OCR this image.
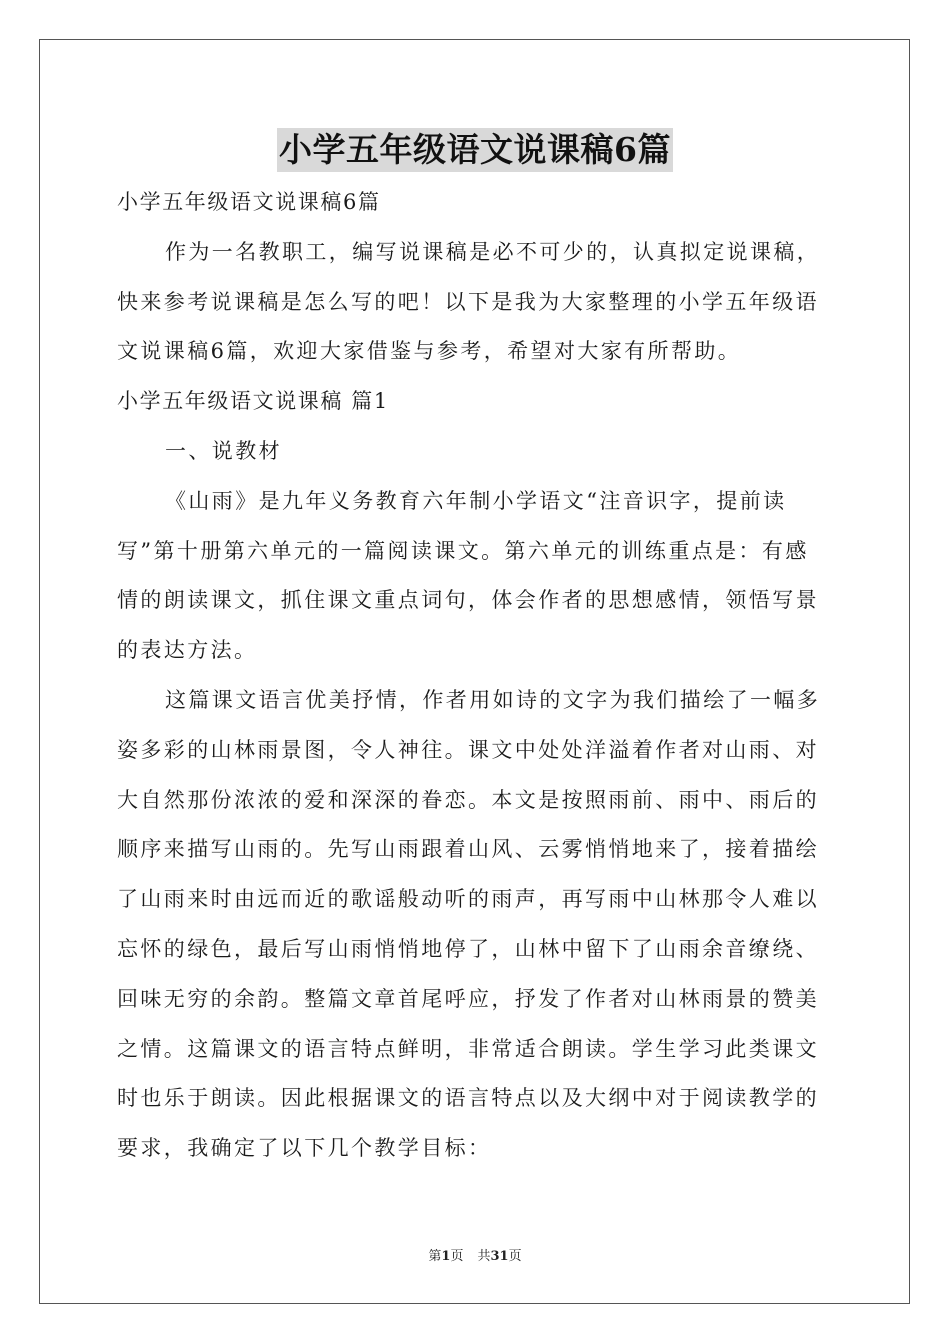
小学五年级语文说课稿6篇
小学五年级语文说课稿6篇
作为一名教职工，编写说课稿是必不可少的，认真拟定说课稿，
快来参考说课稿是怎么写的吧！以下是我为大家整理的小学五年级语
文说课稿6篇，欢迎大家借鉴与参考，希望对大家有所帮助。
小学五年级语文说课稿 篇1
一、说教材
《山雨》是九年义务教育六年制小学语文“注音识字，提前读
写”第十册第六单元的一篇阅读课文。第六单元的训练重点是：有感
情的朗读课文，抓住课文重点词句，体会作者的思想感情，领悟写景
的表达方法。
这篇课文语言优美抒情，作者用如诗的文字为我们描绘了一幅多
姿多彩的山林雨景图，令人神往。课文中处处洋溢着作者对山雨、对
大自然那份浓浓的爱和深深的眷恋。本文是按照雨前、雨中、雨后的
顺序来描写山雨的。先写山雨跟着山风、云雾悄悄地来了，接着描绘
了山雨来时由远而近的歌谣般动听的雨声，再写雨中山林那令人难以
忘怀的绿色，最后写山雨悄悄地停了，山林中留下了山雨余音缭绕、
回味无穷的余韵。整篇文章首尾呼应，抒发了作者对山林雨景的赞美
之情。这篇课文的语言特点鲜明，非常适合朗读。学生学习此类课文
时也乐于朗读。因此根据课文的语言特点以及大纲中对于阅读教学的
要求，我确定了以下几个教学目标：
第1页 共31页
